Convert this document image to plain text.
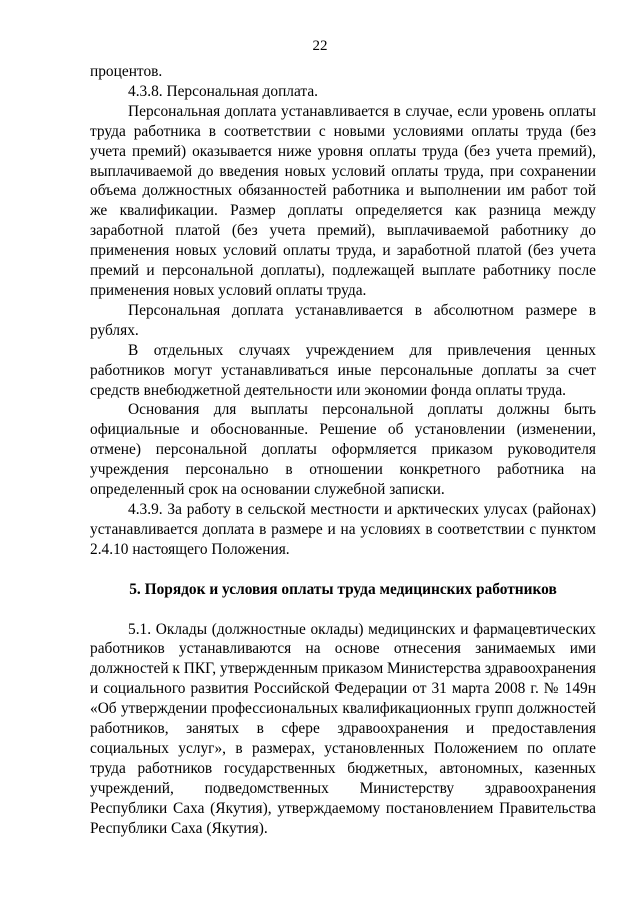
22

процентов.

4.3.8. Персональная доплата.

Персональная доплата устанавливается в случае, если уровень оплаты труда работника в соответствии с новыми условиями оплаты труда (без учета премий) оказывается ниже уровня оплаты труда (без учета премий), выплачиваемой до введения новых условий оплаты труда, при сохранении объема должностных обязанностей работника и выполнении им работ той же квалификации. Размер доплаты определяется как разница между заработной платой (без учета премий), выплачиваемой работнику до применения новых условий оплаты труда, и заработной платой (без учета премий и персональной доплаты), подлежащей выплате работнику после применения новых условий оплаты труда.

Персональная доплата устанавливается в абсолютном размере в рублях.

В отдельных случаях учреждением для привлечения ценных работников могут устанавливаться иные персональные доплаты за счет средств внебюджетной деятельности или экономии фонда оплаты труда.

Основания для выплаты персональной доплаты должны быть официальные и обоснованные. Решение об установлении (изменении, отмене) персональной доплаты оформляется приказом руководителя учреждения персонально в отношении конкретного работника на определенный срок на основании служебной записки.

4.3.9. За работу в сельской местности и арктических улусах (районах) устанавливается доплата в размере и на условиях в соответствии с пунктом 2.4.10 настоящего Положения.

5. Порядок и условия оплаты труда медицинских работников

5.1. Оклады (должностные оклады) медицинских и фармацевтических работников устанавливаются на основе отнесения занимаемых ими должностей к ПКГ, утвержденным приказом Министерства здравоохранения и социального развития Российской Федерации от 31 марта 2008 г. № 149н «Об утверждении профессиональных квалификационных групп должностей работников, занятых в сфере здравоохранения и предоставления социальных услуг», в размерах, установленных Положением по оплате труда работников государственных бюджетных, автономных, казенных учреждений, подведомственных Министерству здравоохранения Республики Саха (Якутия), утверждаемому постановлением Правительства Республики Саха (Якутия).
